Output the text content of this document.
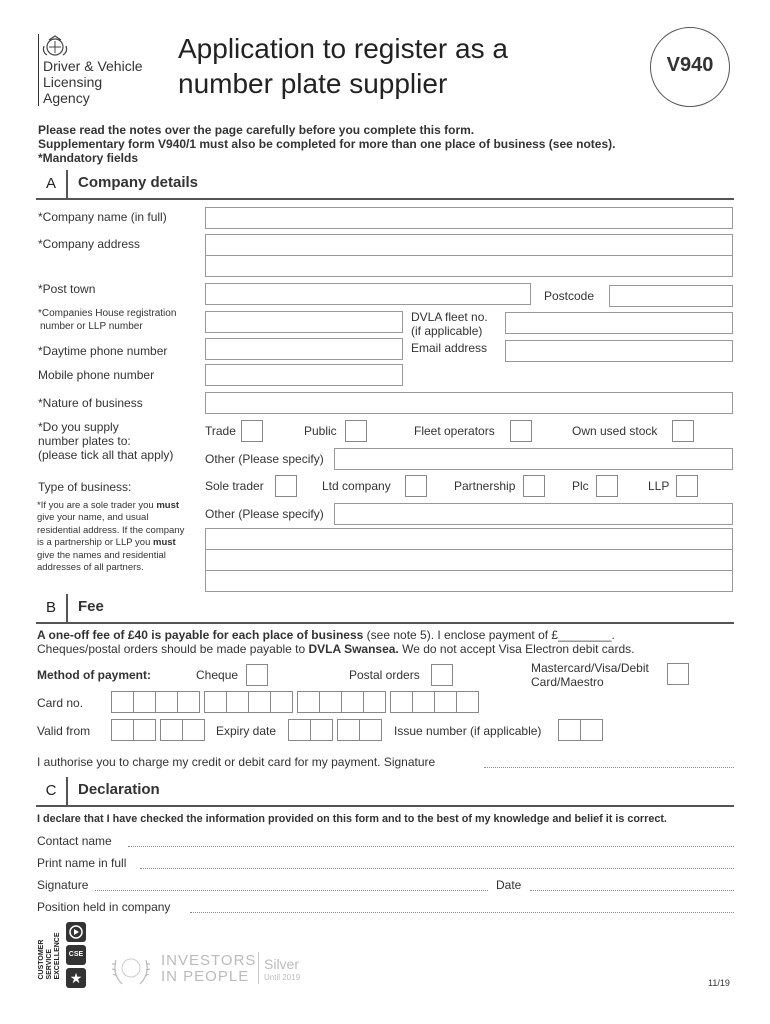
Driver & Vehicle
Licensing
Agency
Application to register as a
number plate supplier
V940
Please read the notes over the page carefully before you complete this form.
Supplementary form V940/1 must also be completed for more than one place of business (see notes).
*Mandatory fields
A	Company details
*Company name (in full)
*Company address
*Post town	Postcode
*Companies House registration
number or LLP number
DVLA fleet no.
(if applicable)
*Daytime phone number	Email address
Mobile phone number
*Nature of business
*Do you supply
number plates to:
(please tick all that apply)
Trade	Public	Fleet operators	Own used stock
Other (Please specify)
Type of business:	Sole trader	Ltd company	Partnership	Plc	LLP
*If you are a sole trader you must give your name, and usual residential address. If the company is a partnership or LLP you must give the names and residential addresses of all partners.
Other (Please specify)
B	Fee
A one-off fee of £40 is payable for each place of business (see note 5). I enclose payment of £________.
Cheques/postal orders should be made payable to DVLA Swansea. We do not accept Visa Electron debit cards.
Method of payment:	Cheque	Postal orders	Mastercard/Visa/Debit
Card/Maestro
Card no.
Valid from	Expiry date	Issue number (if applicable)
I authorise you to charge my credit or debit card for my payment. Signature
C	Declaration
I declare that I have checked the information provided on this form and to the best of my knowledge and belief it is correct.
Contact name
Print name in full
Signature	Date
Position held in company
CUSTOMER SERVICE EXCELLENCE	CSE
★
INVESTORS
IN PEOPLE
Silver
Until 2019
11/19
